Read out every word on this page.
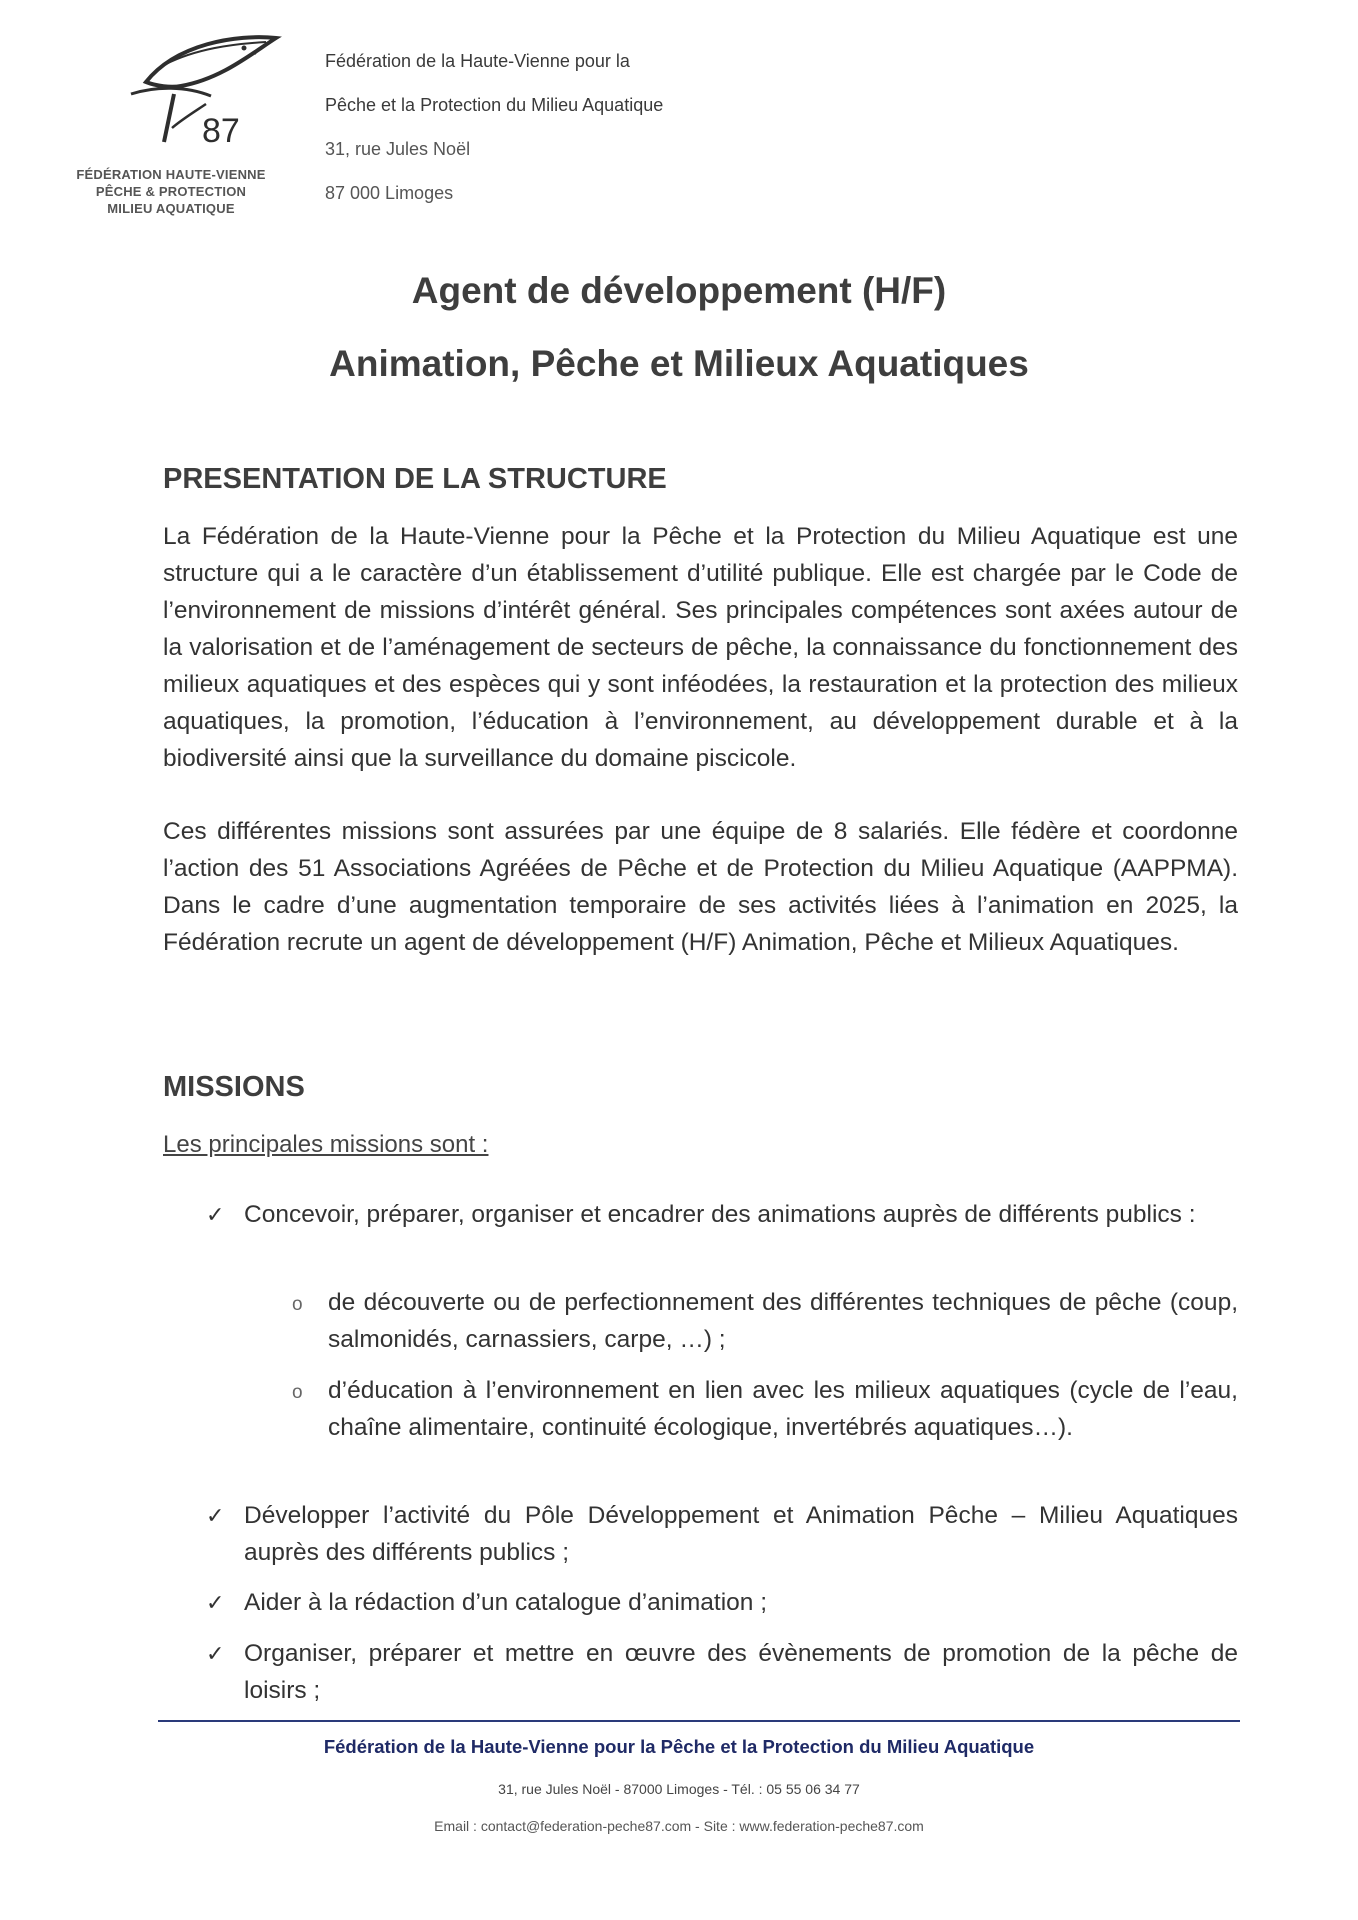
87
FÉDÉRATION HAUTE-VIENNE
PÊCHE & PROTECTION
MILIEU AQUATIQUE
Fédération de la Haute-Vienne pour la
Pêche et la Protection du Milieu Aquatique
31, rue Jules Noël
87 000 Limoges
Agent de développement (H/F)
Animation, Pêche et Milieux Aquatiques
PRESENTATION DE LA STRUCTURE
La Fédération de la Haute-Vienne pour la Pêche et la Protection du Milieu Aquatique est une structure qui a le caractère d’un établissement d’utilité publique. Elle est chargée par le Code de l’environnement de missions d’intérêt général. Ses principales compétences sont axées autour de la valorisation et de l’aménagement de secteurs de pêche, la connaissance du fonctionnement des milieux aquatiques et des espèces qui y sont inféodées, la restauration et la protection des milieux aquatiques, la promotion, l’éducation à l’environnement, au développement durable et à la biodiversité ainsi que la surveillance du domaine piscicole.
Ces différentes missions sont assurées par une équipe de 8 salariés. Elle fédère et coordonne l’action des 51 Associations Agréées de Pêche et de Protection du Milieu Aquatique (AAPPMA). Dans le cadre d’une augmentation temporaire de ses activités liées à l’animation en 2025, la Fédération recrute un agent de développement (H/F) Animation, Pêche et Milieux Aquatiques.
MISSIONS
Les principales missions sont :
✓ Concevoir, préparer, organiser et encadrer des animations auprès de différents publics :
o de découverte ou de perfectionnement des différentes techniques de pêche (coup, salmonidés, carnassiers, carpe, …) ;
o d’éducation à l’environnement en lien avec les milieux aquatiques (cycle de l’eau, chaîne alimentaire, continuité écologique, invertébrés aquatiques…).
✓ Développer l’activité du Pôle Développement et Animation Pêche – Milieu Aquatiques auprès des différents publics ;
✓ Aider à la rédaction d’un catalogue d’animation ;
✓ Organiser, préparer et mettre en œuvre des évènements de promotion de la pêche de loisirs ;
Fédération de la Haute-Vienne pour la Pêche et la Protection du Milieu Aquatique
31, rue Jules Noël - 87000 Limoges - Tél. : 05 55 06 34 77
Email : contact@federation-peche87.com - Site : www.federation-peche87.com
